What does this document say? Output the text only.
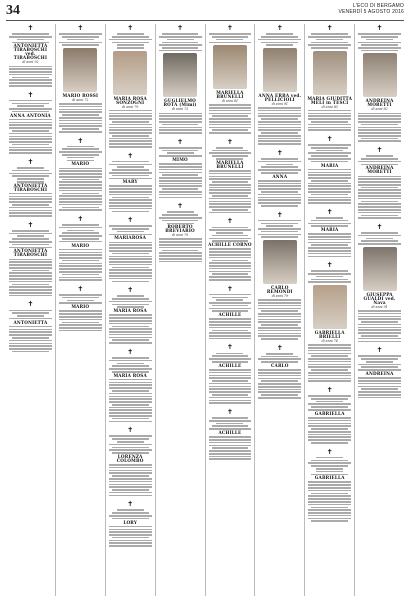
34	L'ECO DI BERGAMO
VENERDÌ 5 AGOSTO 2016
✝
ANTONIETTA TIRABOSCHI ved. TIRABOSCHI
di anni 92
✝
ANNA ANTONIA
✝
ANTONIETTA TIRABOSCHI
✝
ANTONIETTA TIRABOSCHI
✝
ANTONIETTA
✝
MARIO ROSSI
di anni 72
✝
MARIO
✝
MARIO
✝
MARIO
✝
MARIA ROSA SONZOGNI
di anni 79
✝
MARY
✝
MARIAROSA
✝
MARIA ROSA
✝
MARIA ROSA
✝
LORENZA COLOMBO
✝
LORY
✝
GUGLIELMO ROTA (Mimi)
di anni 75
✝
MIMO
✝
ROBERTO BREVIARIO
di anni 79
✝
MARIELLA BRUNELLI
di anni 81
✝
MARIELLA BRUNELLI
✝
ACHILLE CORNO
✝
ACHILLE
✝
ACHILLE
✝
ACHILLE
✝
ANNA ERBA ved. PELLICIOLI
di anni 91
✝
ANNA
✝
CARLO REMONDI
di anni 79
✝
CARLO
✝
MARIA GIUDITTA MELI in TESCI
di anni 83
✝
MARIA
✝
MARIA
✝
GABRIELLA BRIELLI
di anni 74
✝
GABRIELLA
✝
GABRIELLA
✝
ANDREINA MORETTI
di anni 82
✝
ANDREINA MORETTI
✝
GIUSEPPA GUALDI ved. Nava
di anni 91
✝
ANDREINA
